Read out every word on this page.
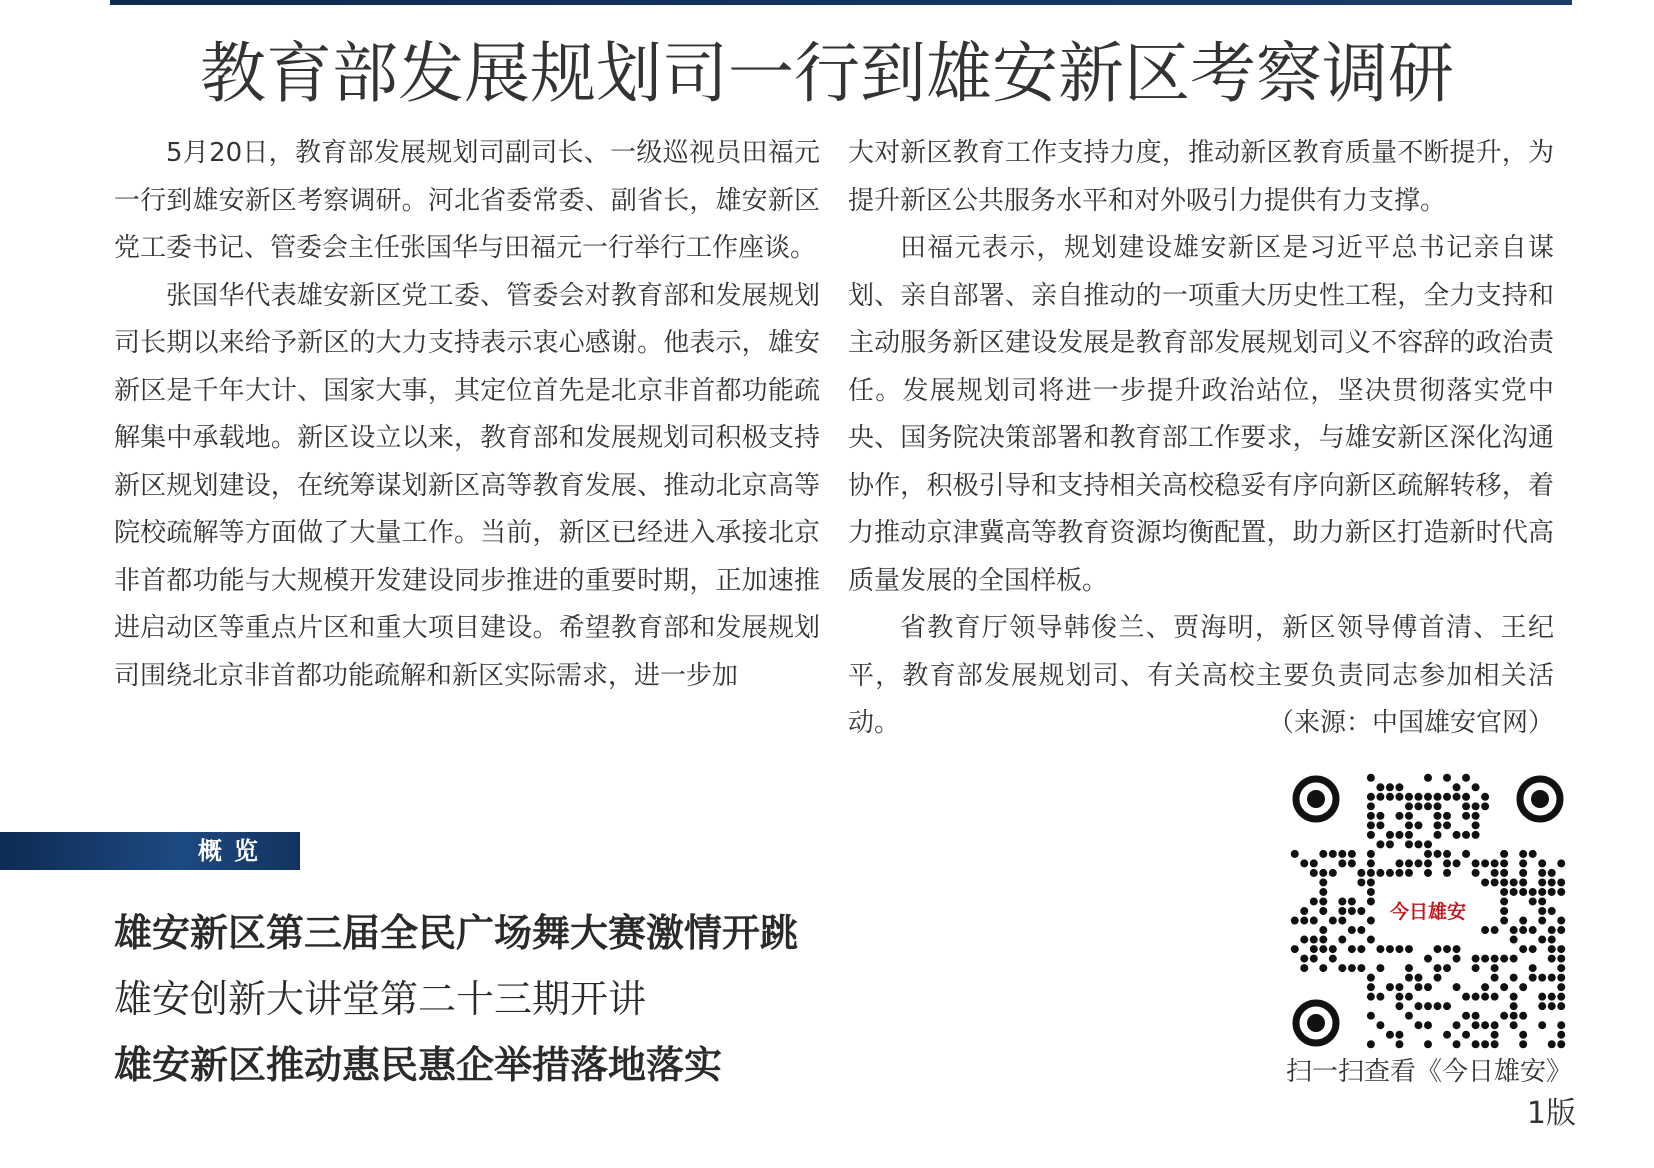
教育部发展规划司一行到雄安新区考察调研

5月20日，教育部发展规划司副司长、一级巡视员田福元一行到雄安新区考察调研。河北省委常委、副省长，雄安新区党工委书记、管委会主任张国华与田福元一行举行工作座谈。

张国华代表雄安新区党工委、管委会对教育部和发展规划司长期以来给予新区的大力支持表示衷心感谢。他表示，雄安新区是千年大计、国家大事，其定位首先是北京非首都功能疏解集中承载地。新区设立以来，教育部和发展规划司积极支持新区规划建设，在统筹谋划新区高等教育发展、推动北京高等院校疏解等方面做了大量工作。当前，新区已经进入承接北京非首都功能与大规模开发建设同步推进的重要时期，正加速推进启动区等重点片区和重大项目建设。希望教育部和发展规划司围绕北京非首都功能疏解和新区实际需求，进一步加

大对新区教育工作支持力度，推动新区教育质量不断提升，为提升新区公共服务水平和对外吸引力提供有力支撑。

田福元表示，规划建设雄安新区是习近平总书记亲自谋划、亲自部署、亲自推动的一项重大历史性工程，全力支持和主动服务新区建设发展是教育部发展规划司义不容辞的政治责任。发展规划司将进一步提升政治站位，坚决贯彻落实党中央、国务院决策部署和教育部工作要求，与雄安新区深化沟通协作，积极引导和支持相关高校稳妥有序向新区疏解转移，着力推动京津冀高等教育资源均衡配置，助力新区打造新时代高质量发展的全国样板。

省教育厅领导韩俊兰、贾海明，新区领导傅首清、王纪平，教育部发展规划司、有关高校主要负责同志参加相关活动。	（来源：中国雄安官网）
概览
雄安新区第三届全民广场舞大赛激情开跳
雄安创新大讲堂第二十三期开讲
雄安新区推动惠民惠企举措落地落实
今日雄安
扫一扫查看《今日雄安》
1版
